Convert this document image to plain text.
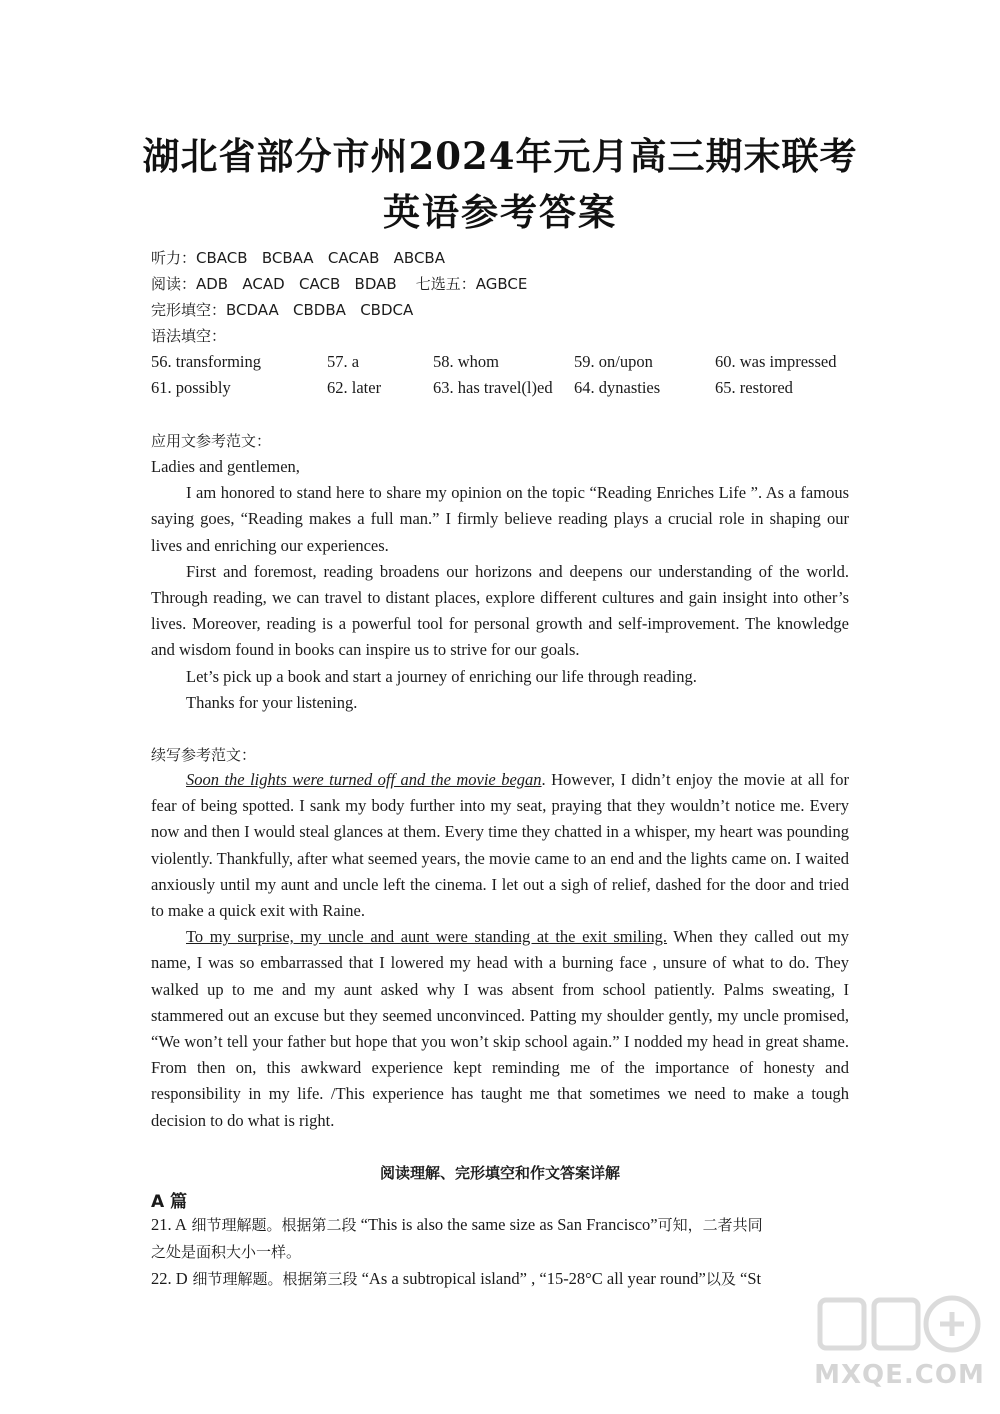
湖北省部分市州2024年元月高三期末联考
英语参考答案
听力：CBACB   BCBAA   CACAB   ABCBA
阅读：ADB   ACAD   CACB   BDAB    七选五：AGBCE
完形填空：BCDAA   CBDBA   CBDCA
语法填空：
56. transforming	57. a	58. whom	59. on/upon	60. was impressed
61. possibly	62. later	63. has travel(l)ed 64. dynasties	65. restored
应用文参考范文：

Ladies and gentlemen,

I am honored to stand here to share my opinion on the topic “Reading Enriches Life ”. As a famous saying goes, “Reading makes a full man.” I firmly believe reading plays a crucial role in shaping our lives and enriching our experiences.

First and foremost, reading broadens our horizons and deepens our understanding of the world. Through reading, we can travel to distant places, explore different cultures and gain insight into other’s lives. Moreover, reading is a powerful tool for personal growth and self-improvement. The knowledge and wisdom found in books can inspire us to strive for our goals.

Let’s pick up a book and start a journey of enriching our life through reading.

Thanks for your listening.

续写参考范文：

Soon the lights were turned off and the movie began. However, I didn’t enjoy the movie at all for fear of being spotted. I sank my body further into my seat, praying that they wouldn’t notice me. Every now and then I would steal glances at them. Every time they chatted in a whisper, my heart was pounding violently. Thankfully, after what seemed years, the movie came to an end and the lights came on. I waited anxiously until my aunt and uncle left the cinema. I let out a sigh of relief, dashed for the door and tried to make a quick exit with Raine.

To my surprise, my uncle and aunt were standing at the exit smiling. When they called out my name, I was so embarrassed that I lowered my head with a burning face , unsure of what to do. They walked up to me and my aunt asked why I was absent from school patiently. Palms sweating, I stammered out an excuse but they seemed unconvinced. Patting my shoulder gently, my uncle promised, “We won’t tell your father but hope that you won’t skip school again.” I nodded my head in great shame. From then on, this awkward experience kept reminding me of the importance of honesty and responsibility in my life. /This experience has taught me that sometimes we need to make a tough decision to do what is right.

阅读理解、完形填空和作文答案详解
A 篇
21. A 细节理解题。根据第二段 “This is also the same size as San Francisco”可知，二者共同
之处是面积大小一样。
22. D 细节理解题。根据第三段 “As a subtropical island” , “15-28°C all year round”以及 “St
MXQE.COM
